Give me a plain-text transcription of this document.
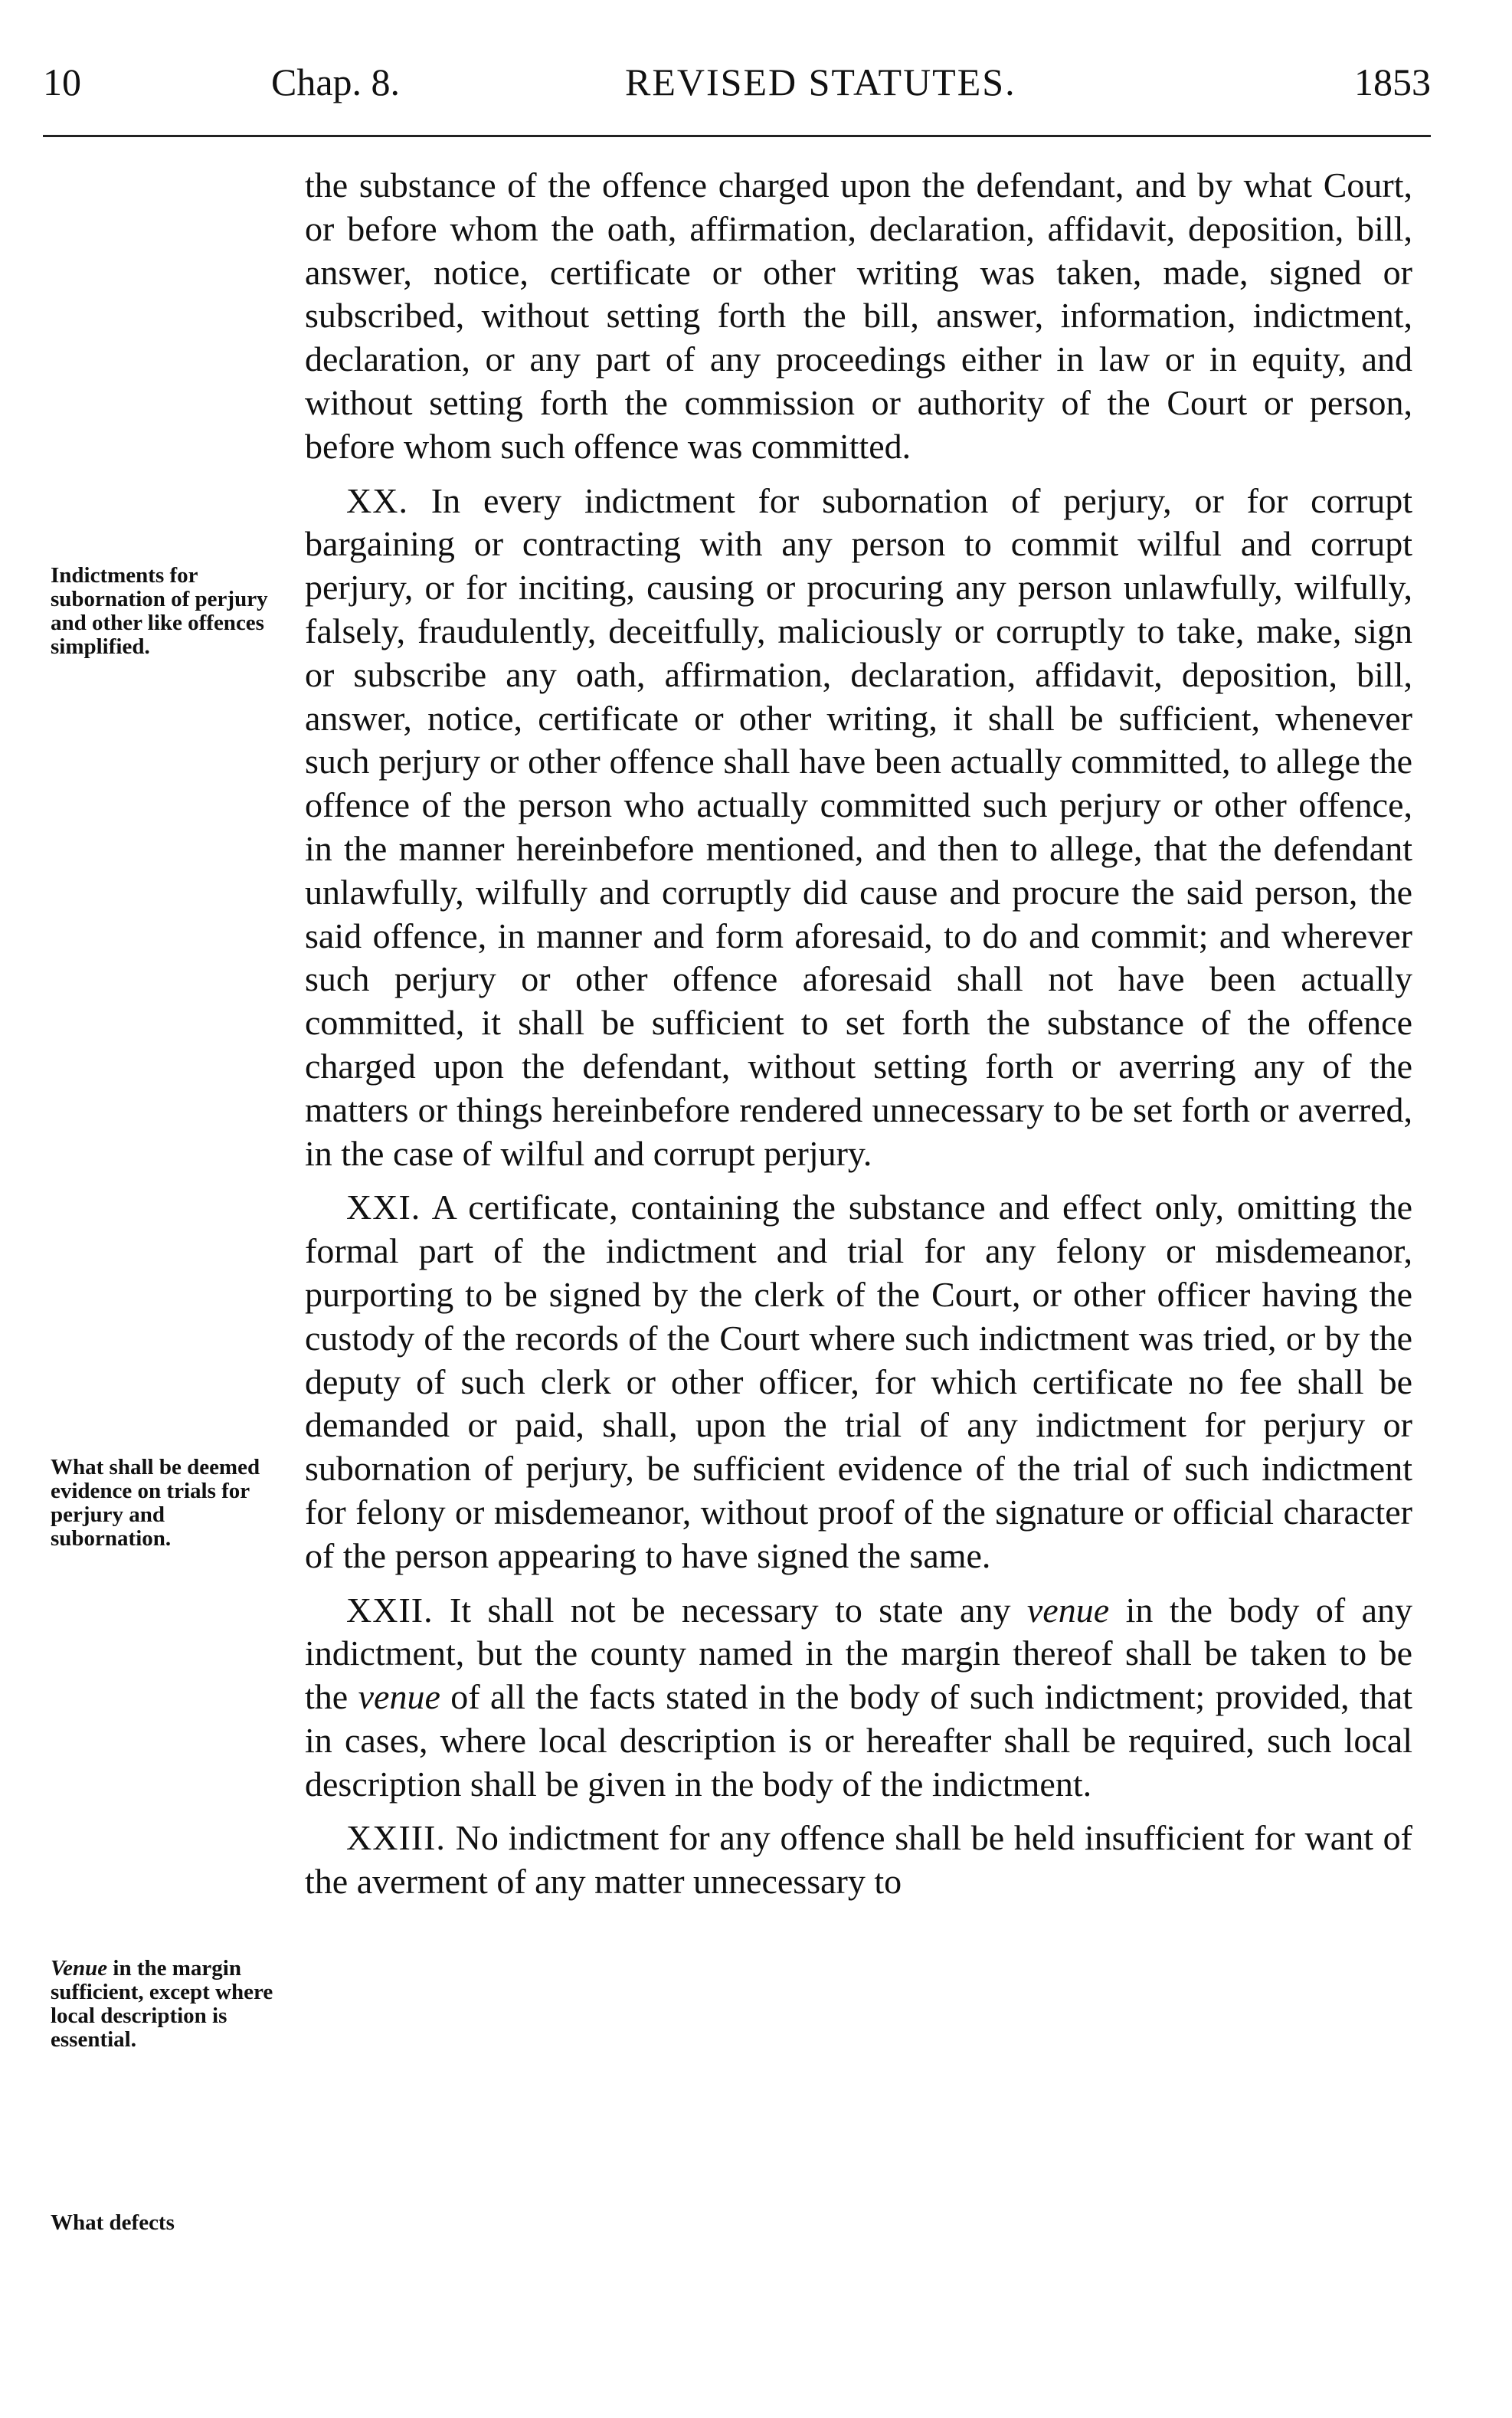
10	Chap. 8.	REVISED STATUTES.	1853
Indictments for subornation of perjury and other like offences simplified.
What shall be deemed evidence on trials for perjury and subornation.
Venue in the margin sufficient, except where local description is essential.
What defects

the substance of the offence charged upon the defendant, and by what Court, or before whom the oath, affirmation, declaration, affidavit, deposition, bill, answer, notice, certificate or other writing was taken, made, signed or subscribed, without setting forth the bill, answer, information, indictment, declaration, or any part of any proceedings either in law or in equity, and without setting forth the commission or authority of the Court or person, before whom such offence was committed.

XX. In every indictment for subornation of perjury, or for corrupt bargaining or contracting with any person to commit wilful and corrupt perjury, or for inciting, causing or procuring any person unlawfully, wilfully, falsely, fraudulently, deceitfully, maliciously or corruptly to take, make, sign or subscribe any oath, affirmation, declaration, affidavit, deposition, bill, answer, notice, certificate or other writing, it shall be sufficient, whenever such perjury or other offence shall have been actually committed, to allege the offence of the person who actually committed such perjury or other offence, in the manner hereinbefore mentioned, and then to allege, that the defendant unlawfully, wilfully and corruptly did cause and procure the said person, the said offence, in manner and form aforesaid, to do and commit; and wherever such perjury or other offence aforesaid shall not have been actually committed, it shall be sufficient to set forth the substance of the offence charged upon the defendant, without setting forth or averring any of the matters or things hereinbefore rendered unnecessary to be set forth or averred, in the case of wilful and corrupt perjury.

XXI. A certificate, containing the substance and effect only, omitting the formal part of the indictment and trial for any felony or misdemeanor, purporting to be signed by the clerk of the Court, or other officer having the custody of the records of the Court where such indictment was tried, or by the deputy of such clerk or other officer, for which certificate no fee shall be demanded or paid, shall, upon the trial of any indictment for perjury or subornation of perjury, be sufficient evidence of the trial of such indictment for felony or misdemeanor, without proof of the signature or official character of the person appearing to have signed the same.

XXII. It shall not be necessary to state any venue in the body of any indictment, but the county named in the margin thereof shall be taken to be the venue of all the facts stated in the body of such indictment; provided, that in cases, where local description is or hereafter shall be required, such local description shall be given in the body of the indictment.

XXIII. No indictment for any offence shall be held insufficient for want of the averment of any matter unnecessary to
